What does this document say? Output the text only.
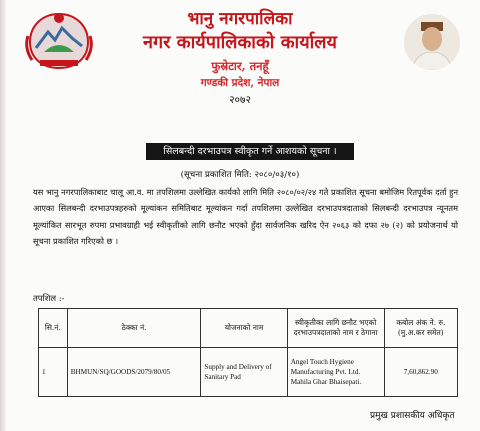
भानु नगरपालिका
नगर कार्यपालिकाको कार्यालय
फुस्रेटार, तनहूँ
गण्डकी प्रदेश, नेपाल
२०७२
सिलबन्दी दरभाउपत्र स्वीकृत गर्ने आशयको सूचना ।
(सूचना प्रकाशित मिति: २०८०/०३/१०)
यस भानु नगरपालिकाबाट चालू आ.व. मा तपशिलमा उल्लेखित कार्यको लागि मिति २०८०/०२/२४ गते प्रकाशित सूचना बमोजिम रितपूर्वक दर्ता हुन आएका सिलबन्दी दरभाउपत्रहरुको मूल्यांकन समितिबाट मूल्यांकन गर्दा तपशिलमा उल्लेखित दरभाउपत्रदाताको सिलबन्दी दरभाउपत्र न्यूनतम मूल्यांकित सारभूत रुपमा प्रभावग्राही भई स्वीकृतीको लागि छनौट भएको हुँदा सार्वजनिक खरिद ऐन २०६३ को दफा २७ (२) को प्रयोजनार्थ यो सूचना प्रकाशित गरिएको छ ।
तपशिल :-
सि.नं.	ठेक्का नं.	योजनाको नाम	स्वीकृतीका लागि छनौट भएको दरभाउपत्रदाताको नाम र ठेगाना	कबोल अंक ने. रु. (मु.अ.कर समेत)
1	BHMUN/SQ/GOODS/2079/80/05	Supply and Delivery of Sanitary Pad	Angel Touch Hygiene Manufacturing Pvt. Ltd. Mahila Ghar Bhaisepati.	7,60,862.90
प्रमुख प्रशासकीय अधिकृत
